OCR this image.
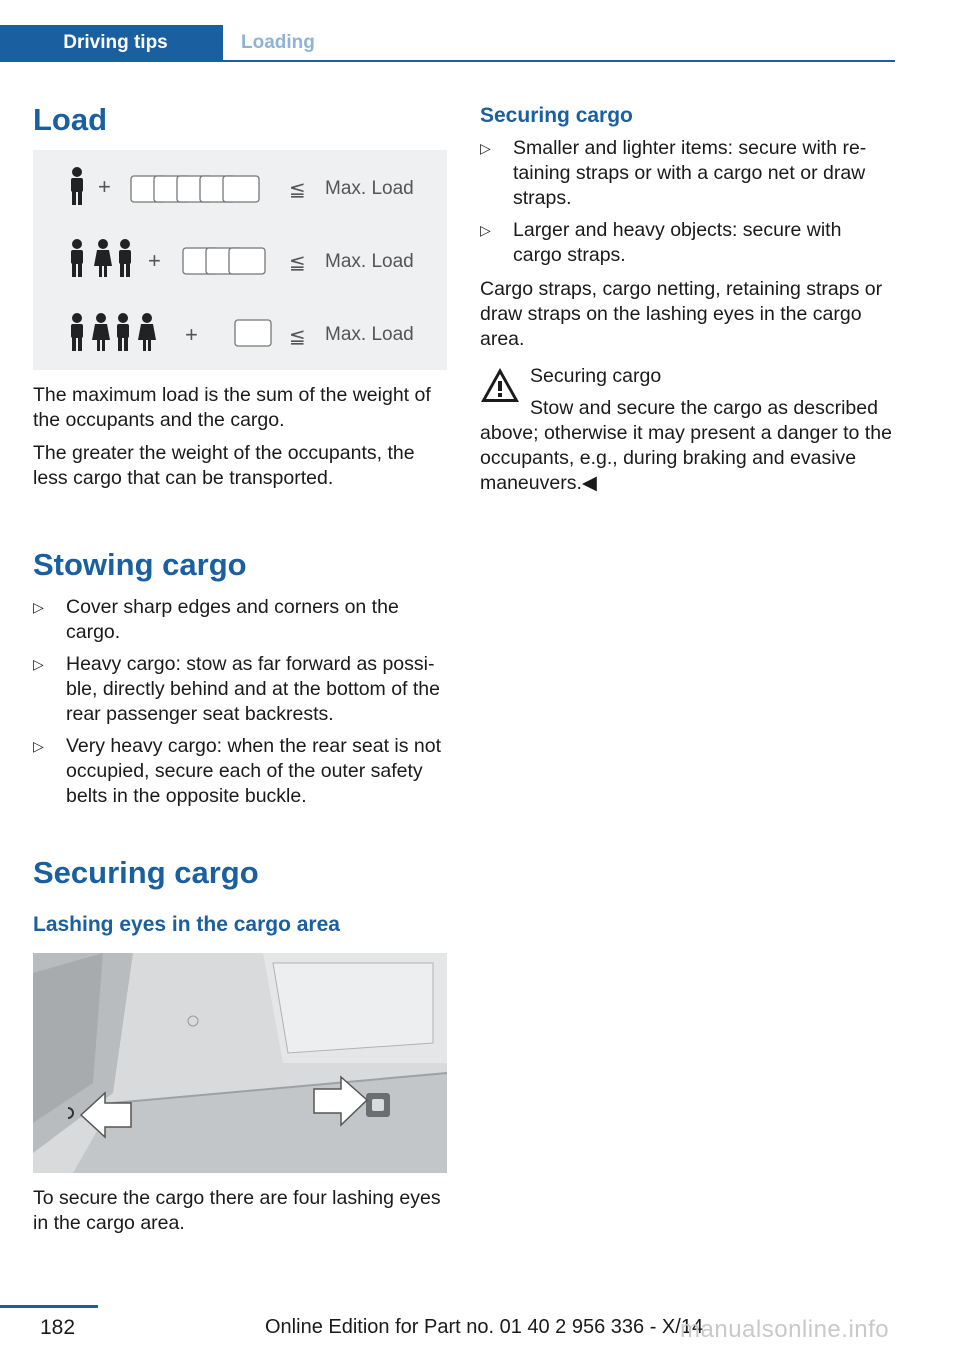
Driving tips	Loading
Load
+	≦ Max. Load
+	≦ Max. Load
+	≦ Max. Load

The maximum load is the sum of the weight of the occupants and the cargo.

The greater the weight of the occupants, the less cargo that can be transported.

Stowing cargo
▷ Cover sharp edges and corners on the cargo.
▷ Heavy cargo: stow as far forward as possi‐ble, directly behind and at the bottom of the rear passenger seat backrests.
▷ Very heavy cargo: when the rear seat is not occupied, secure each of the outer safety belts in the opposite buckle.
Securing cargo
Lashing eyes in the cargo area

To secure the cargo there are four lashing eyes in the cargo area.

Securing cargo
▷ Smaller and lighter items: secure with re‐taining straps or with a cargo net or draw straps.
▷ Larger and heavy objects: secure with cargo straps.

Cargo straps, cargo netting, retaining straps or draw straps on the lashing eyes in the cargo area.

Securing cargo

Stow and secure the cargo as described above; otherwise it may present a danger to the occupants, e.g., during braking and evasive maneuvers.◀

182	Online Edition for Part no. 01 40 2 956 336 - X/14
manualsonline.info
